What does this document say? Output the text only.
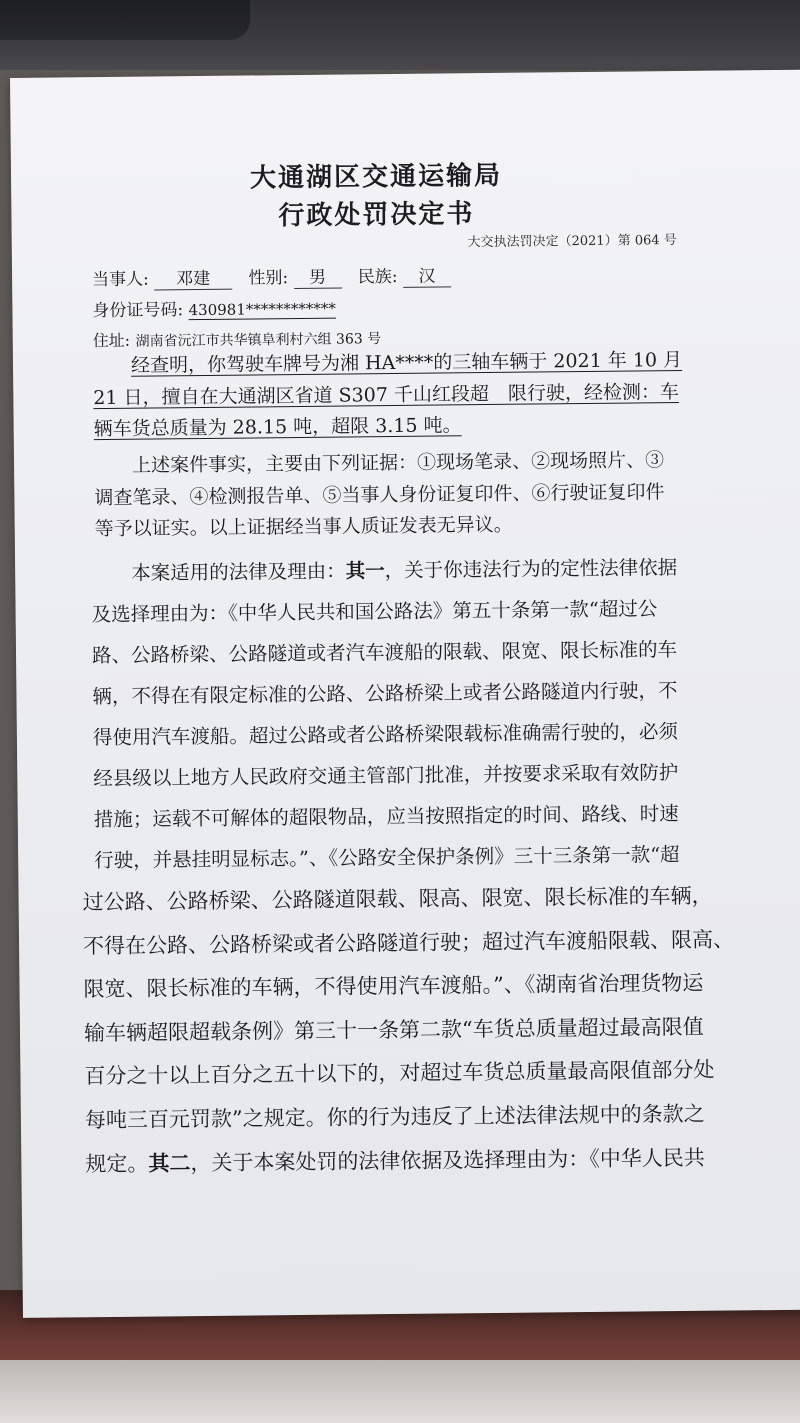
大通湖区交通运输局
行政处罚决定书
大交执法罚决定（2021）第 064 号
当事人: 邓建 性别: 男 民族: 汉
身份证号码: 430981************
住址: 湖南省沅江市共华镇阜利村六组 363 号
经查明，你驾驶车牌号为湘 HA****的三轴车辆于 2021 年 10 月
21 日，擅自在大通湖区省道 S307 千山红段超　限行驶，经检测：车
辆车货总质量为 28.15 吨，超限 3.15 吨。
上述案件事实，主要由下列证据：①现场笔录、②现场照片、③
调查笔录、④检测报告单、⑤当事人身份证复印件、⑥行驶证复印件
等予以证实。以上证据经当事人质证发表无异议。
本案适用的法律及理由：其一，关于你违法行为的定性法律依据
及选择理由为：《中华人民共和国公路法》第五十条第一款“超过公
路、公路桥梁、公路隧道或者汽车渡船的限载、限宽、限长标准的车
辆，不得在有限定标准的公路、公路桥梁上或者公路隧道内行驶，不
得使用汽车渡船。超过公路或者公路桥梁限载标准确需行驶的，必须
经县级以上地方人民政府交通主管部门批准，并按要求采取有效防护
措施；运载不可解体的超限物品，应当按照指定的时间、路线、时速
行驶，并悬挂明显标志。”、《公路安全保护条例》三十三条第一款“超
过公路、公路桥梁、公路隧道限载、限高、限宽、限长标准的车辆，
不得在公路、公路桥梁或者公路隧道行驶；超过汽车渡船限载、限高、
限宽、限长标准的车辆，不得使用汽车渡船。”、《湖南省治理货物运
输车辆超限超载条例》第三十一条第二款“车货总质量超过最高限值
百分之十以上百分之五十以下的，对超过车货总质量最高限值部分处
每吨三百元罚款”之规定。你的行为违反了上述法律法规中的条款之
规定。其二，关于本案处罚的法律依据及选择理由为：《中华人民共
